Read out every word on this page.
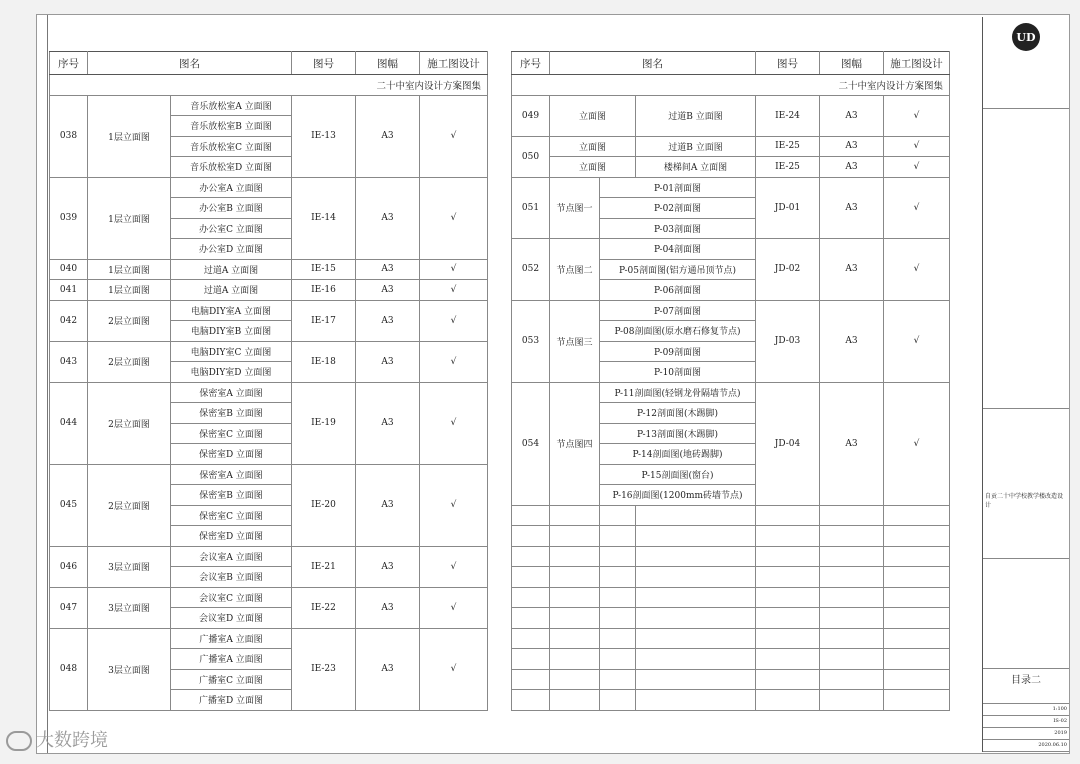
序号	图名		图号	图幅	施工图设计
二十中室内设计方案图集					
038	1层立面图	音乐放松室A 立面图	IE-13	A3	√
		音乐放松室B 立面图			
		音乐放松室C 立面图			
		音乐放松室D 立面图			
039	1层立面图	办公室A 立面图	IE-14	A3	√
		办公室B 立面图			
		办公室C 立面图			
		办公室D 立面图			
040	1层立面图	过道A 立面图	IE-15	A3	√
041	1层立面图	过道A 立面图	IE-16	A3	√
042	2层立面图	电脑DIY室A 立面图	IE-17	A3	√
		电脑DIY室B 立面图			
043	2层立面图	电脑DIY室C 立面图	IE-18	A3	√
		电脑DIY室D 立面图			
044	2层立面图	保密室A 立面图	IE-19	A3	√
		保密室B 立面图			
		保密室C 立面图			
		保密室D 立面图			
045	2层立面图	保密室A 立面图	IE-20	A3	√
		保密室B 立面图			
		保密室C 立面图			
		保密室D 立面图			
046	3层立面图	会议室A 立面图	IE-21	A3	√
		会议室B 立面图			
047	3层立面图	会议室C 立面图	IE-22	A3	√
		会议室D 立面图			
048	3层立面图	广播室A 立面图	IE-23	A3	√
		广播室A 立面图			
		广播室C 立面图			
		广播室D 立面图			
序号	图名			图号	图幅	施工图设计
二十中室内设计方案图集						
049	立面图		过道B 立面图	IE-24	A3	√
050	立面图		过道B 立面图	IE-25	A3	√
	立面图		楼梯间A 立面图	IE-25	A3	√
051	节点图一	P-01剖面图		JD-01	A3	√
		P-02剖面图				
		P-03剖面图				
052	节点图二	P-04剖面图		JD-02	A3	√
		P-05剖面图(铝方通吊顶节点)				
		P-06剖面图				
053	节点图三	P-07剖面图		JD-03	A3	√
		P-08剖面图(原水磨石修复节点)				
		P-09剖面图				
		P-10剖面图				
054	节点图四	P-11剖面图(轻钢龙骨隔墙节点)		JD-04	A3	√
		P-12剖面图(木踢脚)				
		P-13剖面图(木踢脚)				
		P-14剖面图(地砖踢脚)				
		P-15剖面图(窗台)				
		P-16剖面图(1200mm砖墙节点)				

UD
自贡二十中学校教学楼改造设计
目录二
1:100
IS-02
2019
2020.06.10
大数跨境
